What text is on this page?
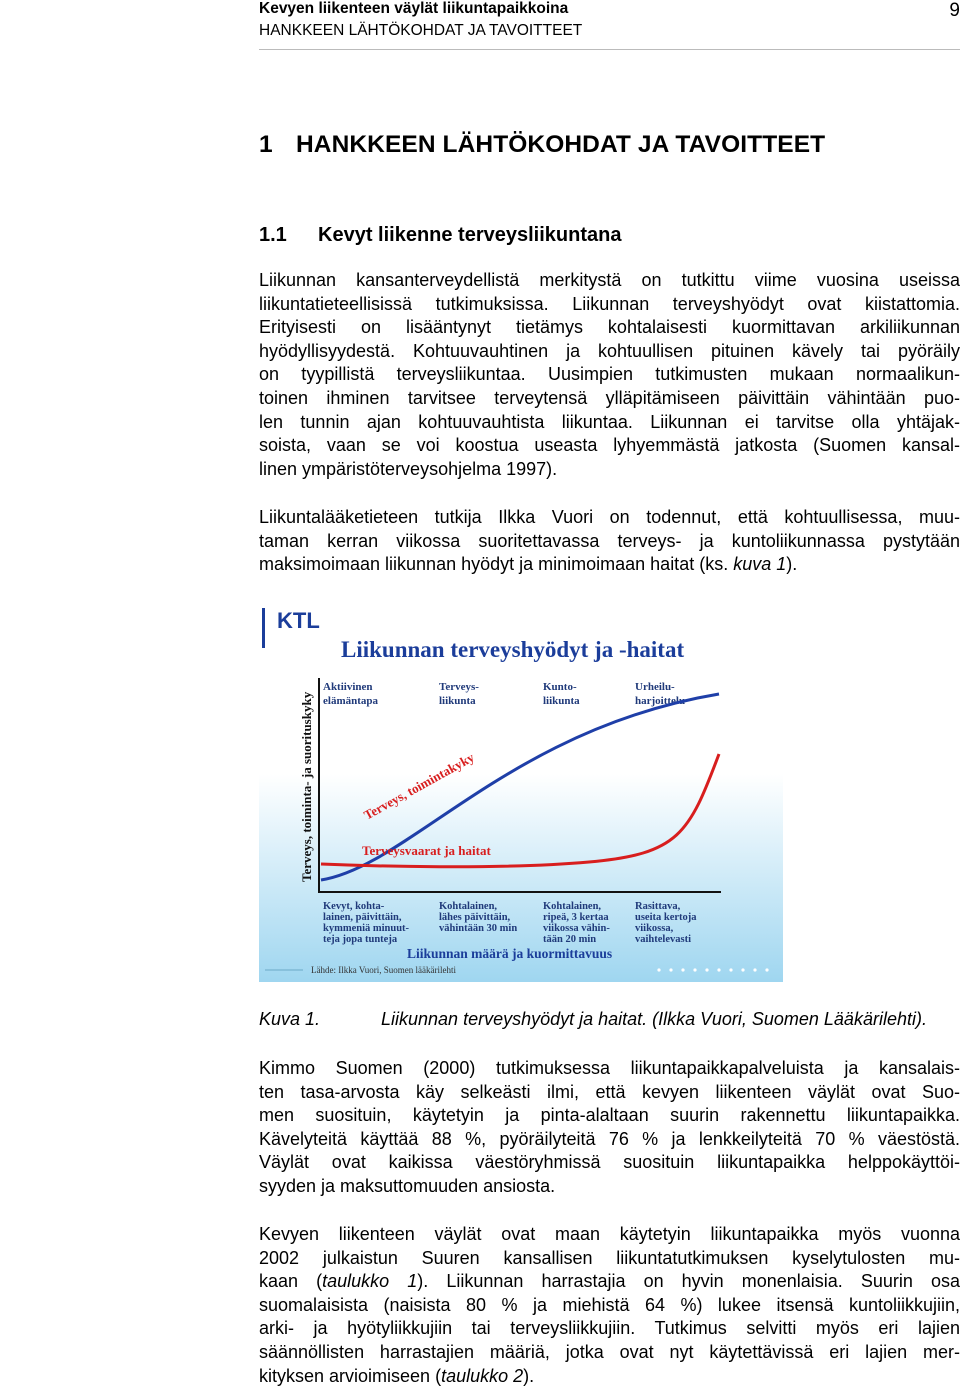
Kevyen liikenteen väylät liikuntapaikkoina
HANKKEEN LÄHTÖKOHDAT JA TAVOITTEET
9
1 HANKKEEN LÄHTÖKOHDAT JA TAVOITTEET
1.1 Kevyt liikenne terveysliikuntana
Liikunnan kansanterveydellistä merkitystä on tutkittu viime vuosina useissa
liikuntatieteellisissä tutkimuksissa. Liikunnan terveyshyödyt ovat kiistattomia.
Erityisesti on lisääntynyt tietämys kohtalaisesti kuormittavan arkiliikunnan
hyödyllisyydestä. Kohtuuvauhtinen ja kohtuullisen pituinen kävely tai pyöräily
on tyypillistä terveysliikuntaa. Uusimpien tutkimusten mukaan normaalikun-
toinen ihminen tarvitsee terveytensä ylläpitämiseen päivittäin vähintään puo-
len tunnin ajan kohtuuvauhtista liikuntaa. Liikunnan ei tarvitse olla yhtäjak-
soista, vaan se voi koostua useasta lyhyemmästä jatkosta (Suomen kansal-
linen ympäristöterveysohjelma 1997).
Liikuntalääketieteen tutkija Ilkka Vuori on todennut, että kohtuullisessa, muu-
taman kerran viikossa suoritettavassa terveys- ja kuntoliikunnassa pystytään
maksimoimaan liikunnan hyödyt ja minimoimaan haitat (ks. kuva 1).
KTL
Liikunnan terveyshyödyt ja -haitat
Aktiivinen
elämäntapa
Terveys-
liikunta
Kunto-
liikunta
Urheilu-
harjoittelu
Terveys, toiminta- ja suorituskyky	Terveys, toimintakyky
Terveysvaarat ja haitat
Kevyt, kohta-
lainen, päivittäin,
kymmeniä minuut-
teja jopa tunteja
Kohtalainen,
lähes päivittäin,
vähintään 30 min
Kohtalainen,
ripeä, 3 kertaa
viikossa vähin-
tään 20 min
Rasittava,
useita kertoja
viikossa,
vaihtelevasti
Liikunnan määrä ja kuormittavuus
Lähde: Ilkka Vuori, Suomen lääkärilehti
Kuva 1.	Liikunnan terveyshyödyt ja haitat. (Ilkka Vuori, Suomen Lääkärilehti).
Kimmo Suomen (2000) tutkimuksessa liikuntapaikkapalveluista ja kansalais-
ten tasa-arvosta käy selkeästi ilmi, että kevyen liikenteen väylät ovat Suo-
men suosituin, käytetyin ja pinta-alaltaan suurin rakennettu liikuntapaikka.
Kävelyteitä käyttää 88 %, pyöräilyteitä 76 % ja lenkkeilyteitä 70 % väestöstä.
Väylät ovat kaikissa väestöryhmissä suosituin liikuntapaikka helppokäyttöi-
syyden ja maksuttomuuden ansiosta.
Kevyen liikenteen väylät ovat maan käytetyin liikuntapaikka myös vuonna
2002 julkaistun Suuren kansallisen liikuntatutkimuksen kyselytulosten mu-
kaan (taulukko 1). Liikunnan harrastajia on hyvin monenlaisia. Suurin osa
suomalaisista (naisista 80 % ja miehistä 64 %) lukee itsensä kuntoliikkujiin,
arki- ja hyötyliikkujiin tai terveysliikkujiin. Tutkimus selvitti myös eri lajien
säännöllisten harrastajien määriä, jotka ovat nyt käytettävissä eri lajien mer-
kityksen arvioimiseen (taulukko 2).
